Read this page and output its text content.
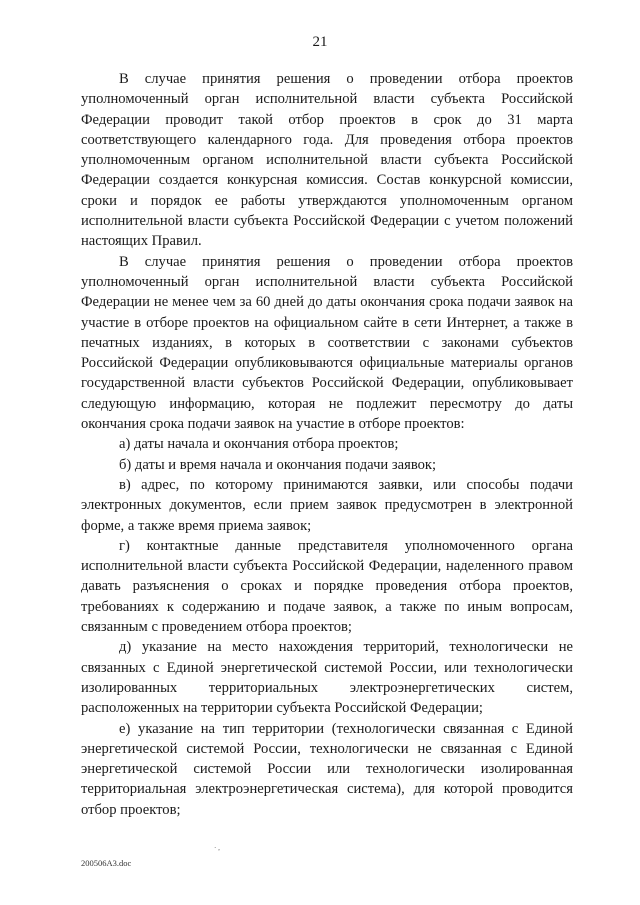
21

В случае принятия решения о проведении отбора проектов уполномоченный орган исполнительной власти субъекта Российской Федерации проводит такой отбор проектов в срок до 31 марта соответствующего календарного года. Для проведения отбора проектов уполномоченным органом исполнительной власти субъекта Российской Федерации создается конкурсная комиссия. Состав конкурсной комиссии, сроки и порядок ее работы утверждаются уполномоченным органом исполнительной власти субъекта Российской Федерации с учетом положений настоящих Правил.

В случае принятия решения о проведении отбора проектов уполномоченный орган исполнительной власти субъекта Российской Федерации не менее чем за 60 дней до даты окончания срока подачи заявок на участие в отборе проектов на официальном сайте в сети Интернет, а также в печатных изданиях, в которых в соответствии с законами субъектов Российской Федерации опубликовываются официальные материалы органов государственной власти субъектов Российской Федерации, опубликовывает следующую информацию, которая не подлежит пересмотру до даты окончания срока подачи заявок на участие в отборе проектов:

а) даты начала и окончания отбора проектов;

б) даты и время начала и окончания подачи заявок;

в) адрес, по которому принимаются заявки, или способы подачи электронных документов, если прием заявок предусмотрен в электронной форме, а также время приема заявок;

г) контактные данные представителя уполномоченного органа исполнительной власти субъекта Российской Федерации, наделенного правом давать разъяснения о сроках и порядке проведения отбора проектов, требованиях к содержанию и подаче заявок, а также по иным вопросам, связанным с проведением отбора проектов;

д) указание на место нахождения территорий, технологически не связанных с Единой энергетической системой России, или технологически изолированных территориальных электроэнергетических систем, расположенных на территории субъекта Российской Федерации;

е) указание на тип территории (технологически связанная с Единой энергетической системой России, технологически не связанная с Единой энергетической системой России или технологически изолированная территориальная электроэнергетическая система), для которой проводится отбор проектов;

· ,
200506A3.doc
